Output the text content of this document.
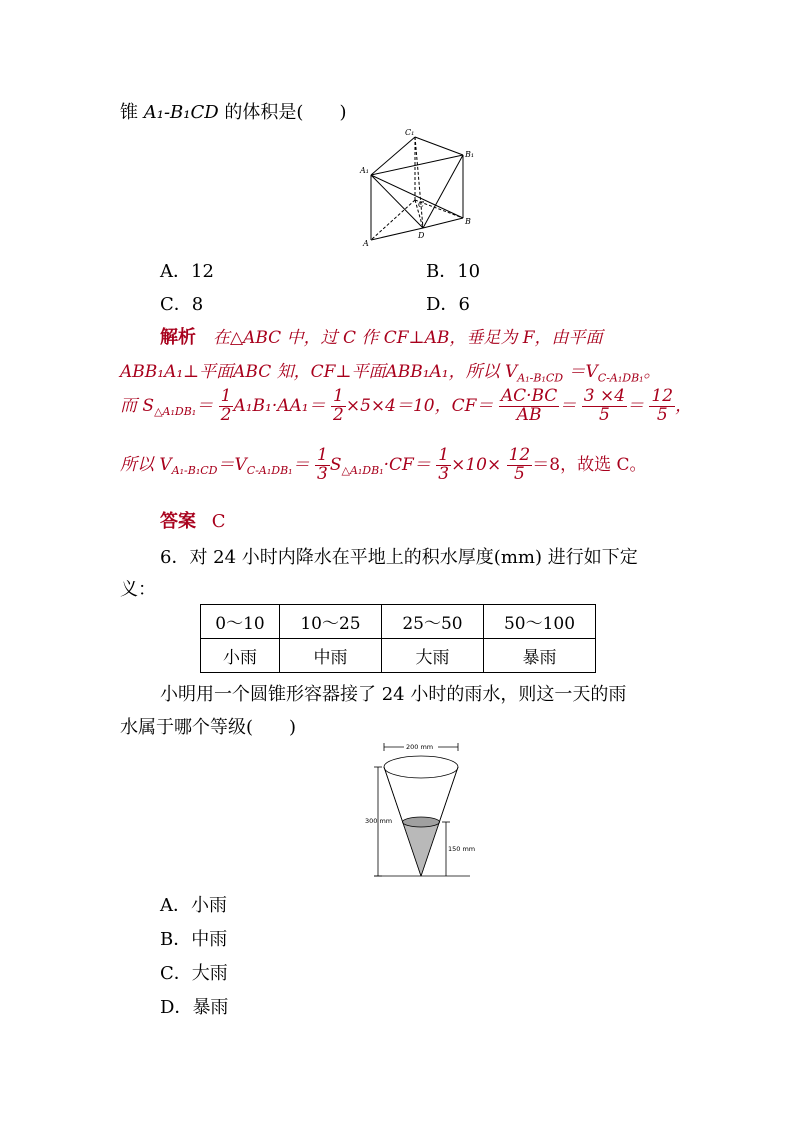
锥 A₁-B₁CD 的体积是(　　)
C₁
B₁
A₁
C
B
D
A
A．12	B．10
C．8	D．6
解析　在△ABC 中，过 C 作 CF⊥AB，垂足为 F，由平面
ABB₁A₁⊥平面ABC 知，CF⊥平面ABB₁A₁，所以 $V_{A_1-B_1CD} =V_{C-A_1DB_1}$。
而 $S_{\triangle A_1DB_1}= \frac{1}{2} A_1B_1\cdot AA_1= \frac{1}{2} \times 5\times 4=10$，$CF= \frac{AC\cdot BC}{AB} = \frac{3 \times 4}{5} = \frac{12}{5}$ ，
所以 $V_{A_1-B_1CD}=V_{C-A_1DB_1}= \frac{1}{3} S_{\triangle A_1DB_1}\cdot CF= \frac{1}{3} \times 10\times \frac{12}{5} =8$，故选 C。
答案 C
6．对 24 小时内降水在平地上的积水厚度(mm) 进行如下定
义：
0～10	10～25	25～50	50～100
小雨	中雨	大雨	暴雨
小明用一个圆锥形容器接了 24 小时的雨水，则这一天的雨
水属于哪个等级(　　)
200 mm
300 mm
150 mm
A．小雨
B．中雨
C．大雨
D．暴雨
